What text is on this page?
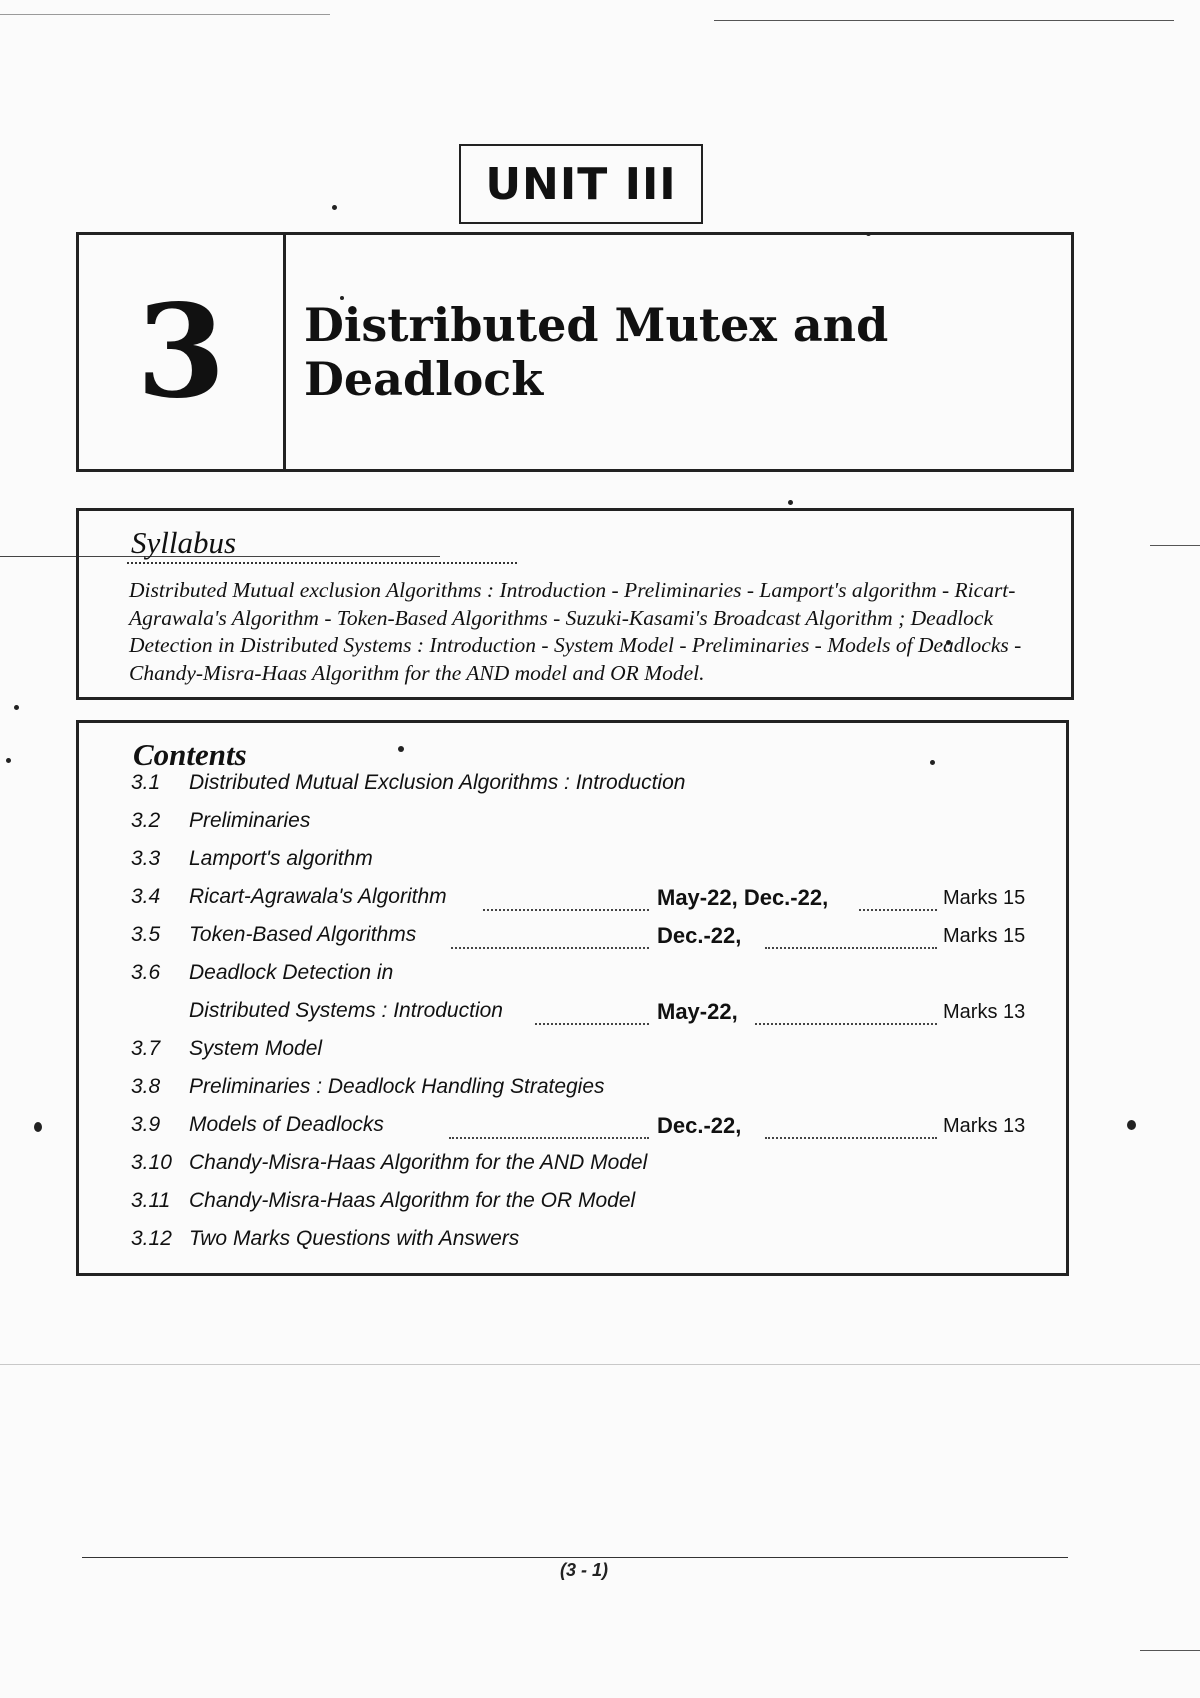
UNIT III
3	Distributed Mutex and Deadlock
Syllabus
Distributed Mutual exclusion Algorithms : Introduction - Preliminaries - Lamport's algorithm - Ricart-Agrawala's Algorithm - Token-Based Algorithms - Suzuki-Kasami's Broadcast Algorithm ; Deadlock Detection in Distributed Systems : Introduction - System Model - Preliminaries - Models of Deadlocks - Chandy-Misra-Haas Algorithm for the AND model and OR Model.
Contents
3.1 Distributed Mutual Exclusion Algorithms : Introduction
3.2 Preliminaries
3.3 Lamport's algorithm
3.4 Ricart-Agrawala's Algorithm	May-22, Dec.-22,	Marks 15
3.5 Token-Based Algorithms	Dec.-22,	Marks 15
3.6 Deadlock Detection in
Distributed Systems : Introduction	May-22,	Marks 13
3.7 System Model
3.8 Preliminaries : Deadlock Handling Strategies
3.9 Models of Deadlocks	Dec.-22,	Marks 13
3.10 Chandy-Misra-Haas Algorithm for the AND Model
3.11 Chandy-Misra-Haas Algorithm for the OR Model
3.12 Two Marks Questions with Answers
(3 - 1)
